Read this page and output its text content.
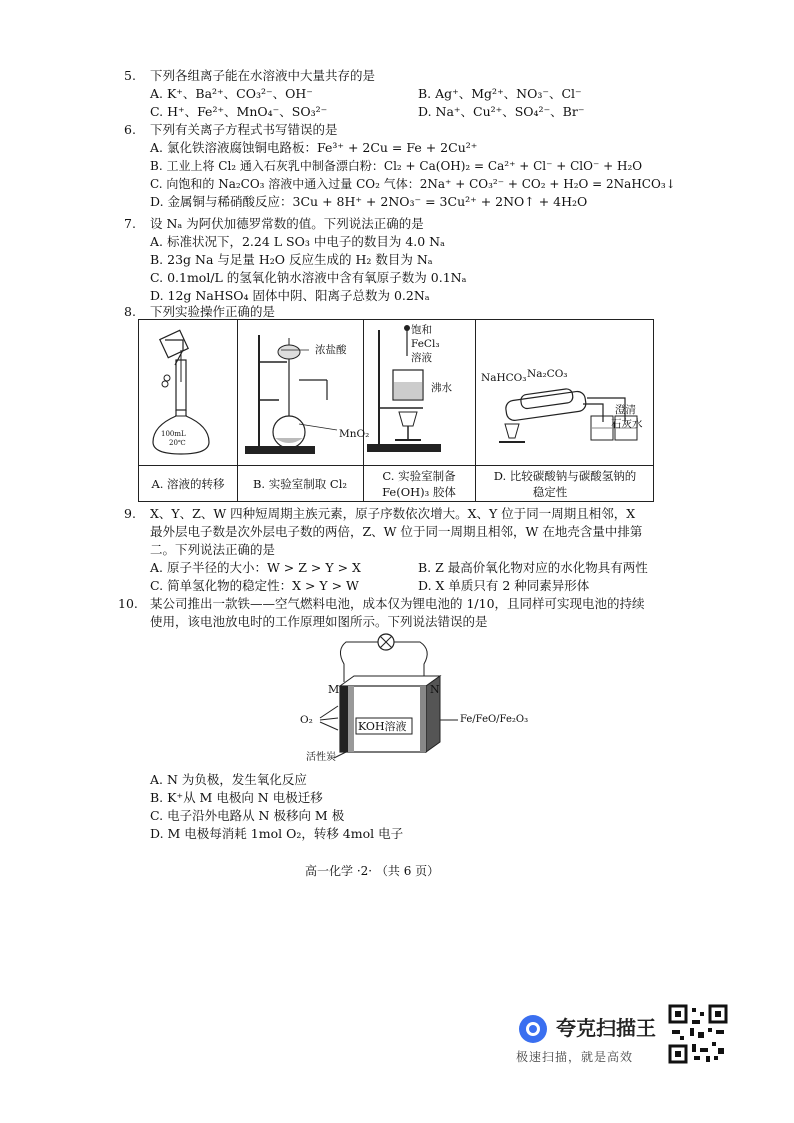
5. 下列各组离子能在水溶液中大量共存的是
A. K⁺、Ba²⁺、CO₃²⁻、OH⁻	B. Ag⁺、Mg²⁺、NO₃⁻、Cl⁻
C. H⁺、Fe²⁺、MnO₄⁻、SO₃²⁻	D. Na⁺、Cu²⁺、SO₄²⁻、Br⁻
6. 下列有关离子方程式书写错误的是
A. 氯化铁溶液腐蚀铜电路板：Fe³⁺ + 2Cu = Fe + 2Cu²⁺
B. 工业上将 Cl₂ 通入石灰乳中制备漂白粉：Cl₂ + Ca(OH)₂ = Ca²⁺ + Cl⁻ + ClO⁻ + H₂O
C. 向饱和的 Na₂CO₃ 溶液中通入过量 CO₂ 气体：2Na⁺ + CO₃²⁻ + CO₂ + H₂O = 2NaHCO₃↓
D. 金属铜与稀硝酸反应：3Cu + 8H⁺ + 2NO₃⁻ = 3Cu²⁺ + 2NO↑ + 4H₂O
7. 设 Nₐ 为阿伏加德罗常数的值。下列说法正确的是
A. 标准状况下，2.24 L SO₃ 中电子的数目为 4.0 Nₐ
B. 23g Na 与足量 H₂O 反应生成的 H₂ 数目为 Nₐ
C. 0.1mol/L 的氢氧化钠水溶液中含有氧原子数为 0.1Nₐ
D. 12g NaHSO₄ 固体中阴、阳离子总数为 0.2Nₐ
8. 下列实验操作正确的是
100mL
20℃
浓盐酸
MnO₂
饱和
FeCl₃
溶液
沸水
NaHCO₃ Na₂CO₃
澄清
石灰水
A. 溶液的转移	B. 实验室制取 Cl₂
C. 实验室制备
Fe(OH)₃ 胶体
D. 比较碳酸钠与碳酸氢钠的
稳定性
9. X、Y、Z、W 四种短周期主族元素，原子序数依次增大。X、Y 位于同一周期且相邻，X
最外层电子数是次外层电子数的两倍，Z、W 位于同一周期且相邻，W 在地壳含量中排第
二。下列说法正确的是
A. 原子半径的大小：W > Z > Y > X	B. Z 最高价氧化物对应的水化物具有两性
C. 简单氢化物的稳定性：X > Y > W	D. X 单质只有 2 种同素异形体
10. 某公司推出一款铁——空气燃料电池，成本仅为锂电池的 1/10，且同样可实现电池的持续
使用，该电池放电时的工作原理如图所示。下列说法错误的是
M	N
O₂	KOH溶液
Fe/FeO/Fe₂O₃
活性炭
A. N 为负极，发生氧化反应
B. K⁺从 M 电极向 N 电极迁移
C. 电子沿外电路从 N 极移向 M 极
D. M 电极每消耗 1mol O₂，转移 4mol 电子
高一化学 ·2· （共 6 页）
夸克扫描王
极速扫描，就是高效
